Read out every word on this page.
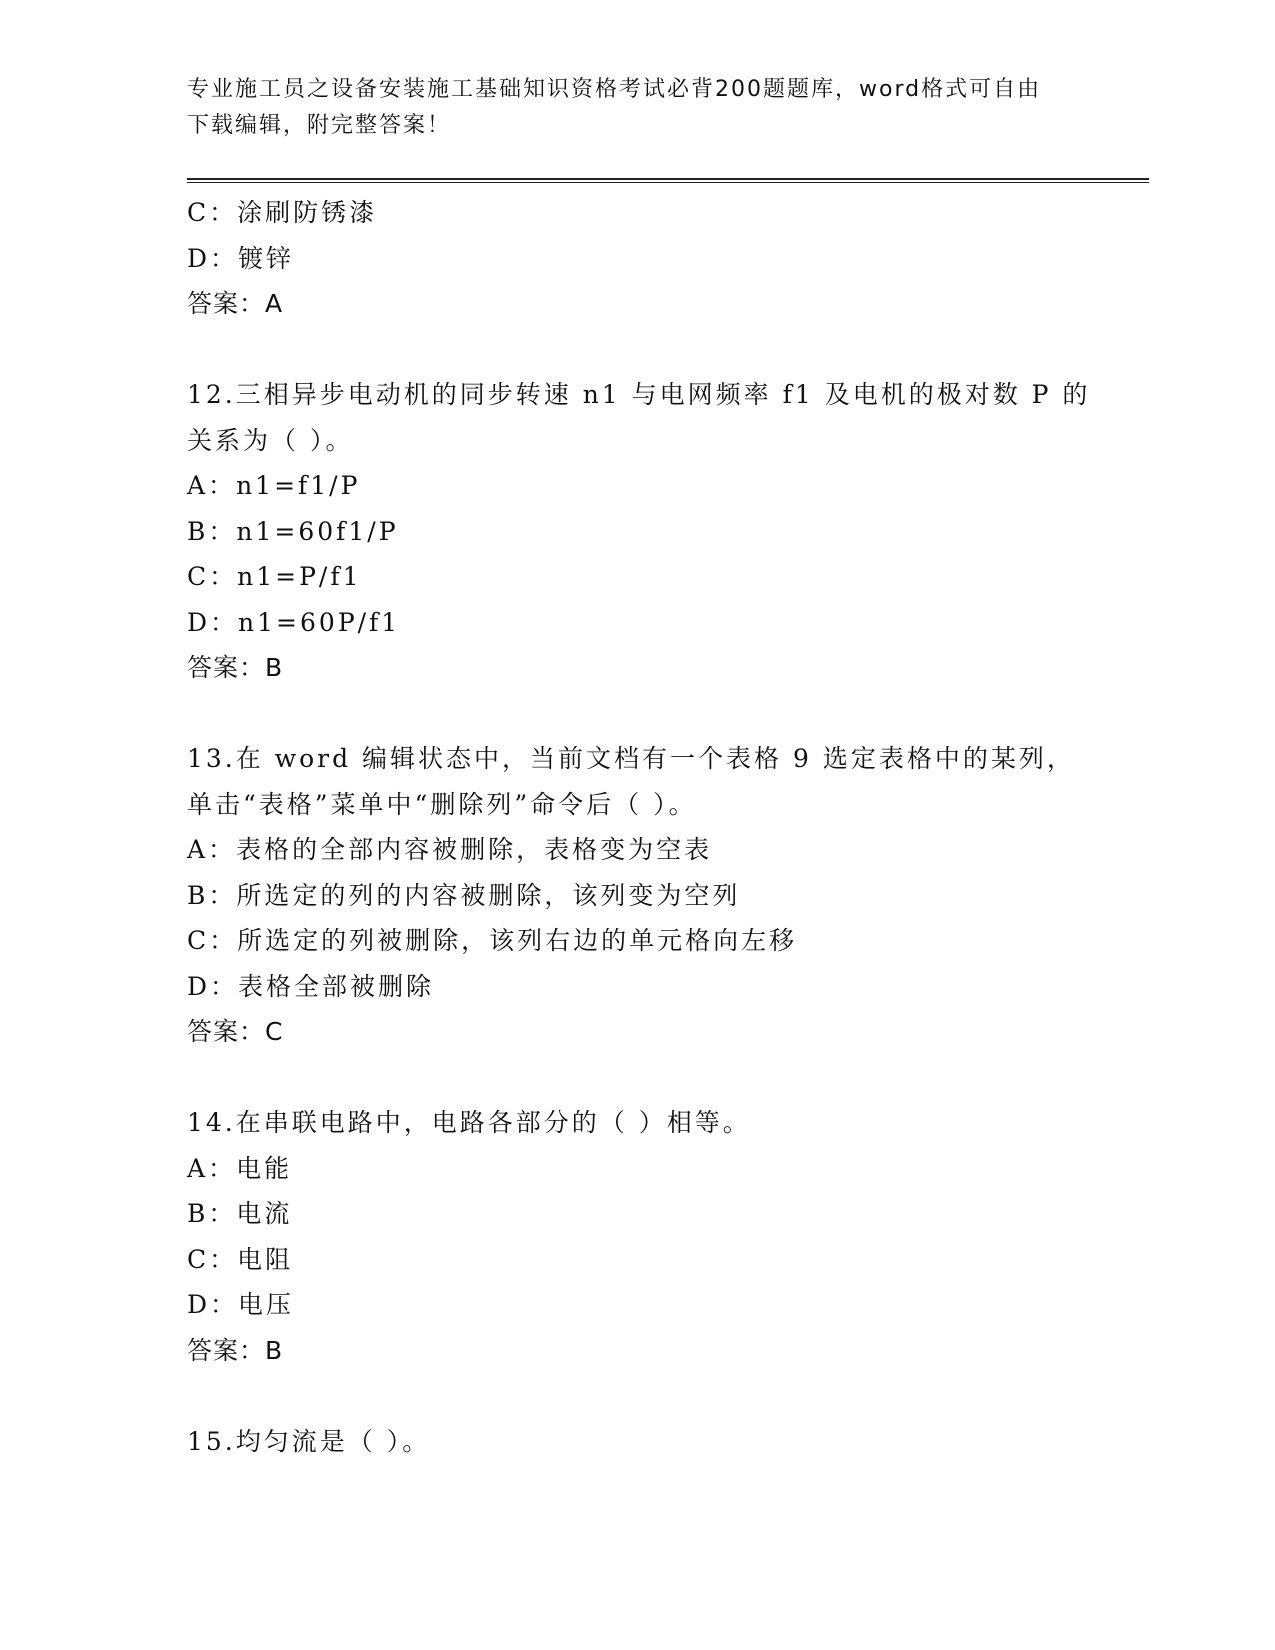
专业施工员之设备安装施工基础知识资格考试必背200题题库，word格式可自由
下载编辑，附完整答案！
C：涂刷防锈漆
D：镀锌
答案：A
12.三相异步电动机的同步转速 n1 与电网频率 f1 及电机的极对数 P 的
关系为（ ）。
A：n1=f1/P
B：n1=60f1/P
C：n1=P/f1
D：n1=60P/f1
答案：B
13.在 word 编辑状态中，当前文档有一个表格 9 选定表格中的某列，
单击“表格”菜单中“删除列”命令后（ ）。
A：表格的全部内容被删除，表格变为空表
B：所选定的列的内容被删除，该列变为空列
C：所选定的列被删除，该列右边的单元格向左移
D：表格全部被删除
答案：C
14.在串联电路中，电路各部分的（ ）相等。
A：电能
B：电流
C：电阻
D：电压
答案：B
15.均匀流是（ ）。
